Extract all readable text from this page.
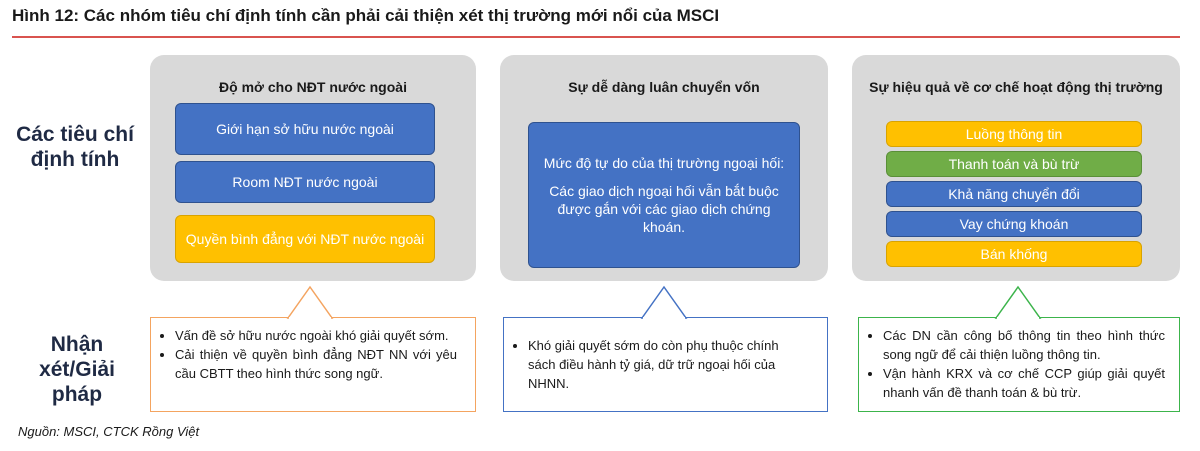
Hình 12: Các nhóm tiêu chí định tính cần phải cải thiện xét thị trường mới nổi của MSCI
Các tiêu chí định tính
Nhận xét/Giải pháp
Độ mở cho NĐT nước ngoài
Giới hạn sở hữu nước ngoài
Room NĐT nước ngoài
Quyền bình đẳng với NĐT nước ngoài
Sự dễ dàng luân chuyển vốn

Mức độ tự do của thị trường ngoại hối:

Các giao dịch ngoại hối vẫn bắt buộc được gắn với các giao dịch chứng khoán.

Sự hiệu quả về cơ chế hoạt động thị trường
Luồng thông tin
Thanh toán và bù trừ
Khả năng chuyển đổi
Vay chứng khoán
Bán khống
• Vấn đề sở hữu nước ngoài khó giải quyết sớm.
• Cải thiện về quyền bình đẳng NĐT NN với yêu cầu CBTT theo hình thức song ngữ.
• Khó giải quyết sớm do còn phụ thuộc chính sách điều hành tỷ giá, dữ trữ ngoại hối của NHNN.
• Các DN cần công bố thông tin theo hình thức song ngữ để cải thiện luồng thông tin.
• Vận hành KRX và cơ chế CCP giúp giải quyết nhanh vấn đề thanh toán & bù trừ.
Nguồn: MSCI, CTCK Rồng Việt
